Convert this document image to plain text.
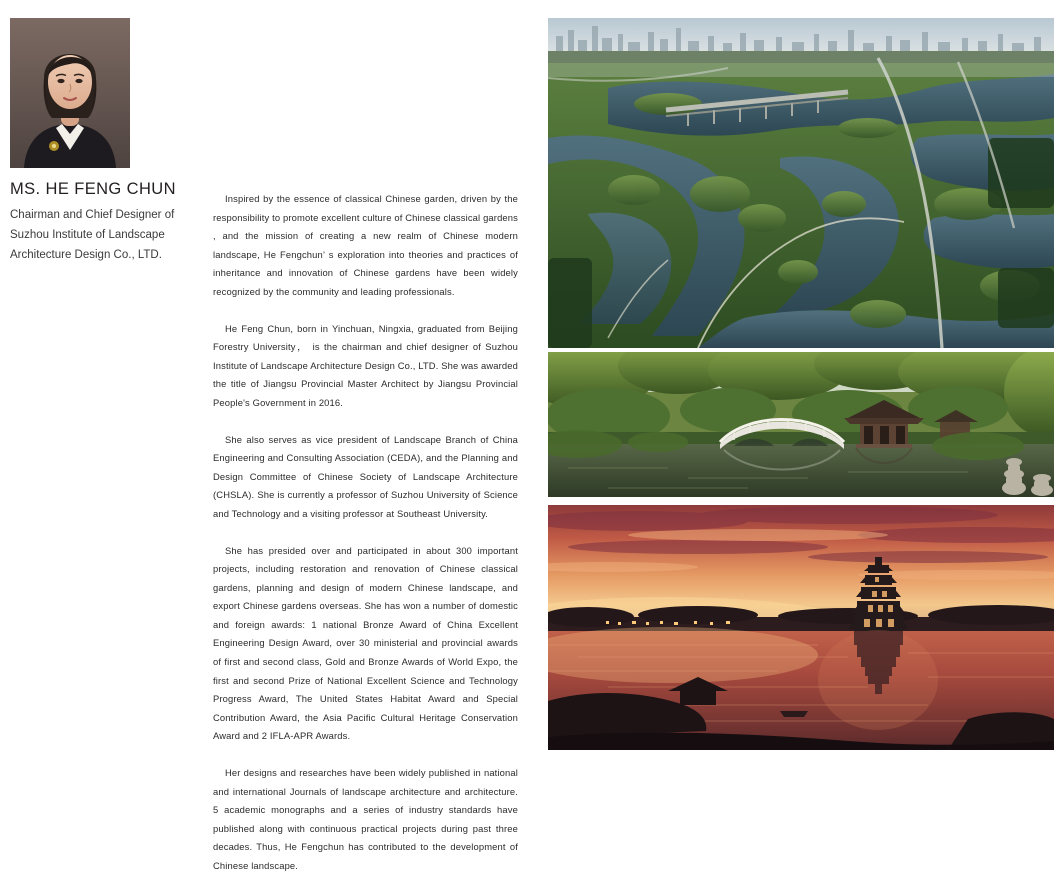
MS. HE FENG CHUN
Chairman and Chief Designer of
Suzhou Institute of Landscape
Architecture Design Co., LTD.

Inspired by the essence of classical Chinese garden, driven by the responsibility to promote excellent culture of Chinese classical gardens , and the mission of creating a new realm of Chinese modern landscape, He Fengchun’ s exploration into theories and practices of inheritance and innovation of Chinese gardens have been widely recognized by the community and leading professionals.

He Feng Chun, born in Yinchuan, Ningxia, graduated from Beijing Forestry University， is the chairman and chief designer of Suzhou Institute of Landscape Architecture Design Co., LTD. She was awarded the title of Jiangsu Provincial Master Architect by Jiangsu Provincial People's Government in 2016.

She also serves as vice president of Landscape Branch of China Engineering and Consulting Association (CEDA), and the Planning and Design Committee of Chinese Society of Landscape Architecture (CHSLA). She is currently a professor of Suzhou University of Science and Technology and a visiting professor at Southeast University.

She has presided over and participated in about 300 important projects, including restoration and renovation of Chinese classical gardens, planning and design of modern Chinese landscape, and export Chinese gardens overseas. She has won a number of domestic and foreign awards: 1 national Bronze Award of China Excellent Engineering Design Award, over 30 ministerial and provincial awards of first and second class, Gold and Bronze Awards of World Expo, the first and second Prize of National Excellent Science and Technology Progress Award, The United States Habitat Award and Special Contribution Award, the Asia Pacific Cultural Heritage Conservation Award and 2 IFLA-APR Awards.

Her designs and researches have been widely published in national and international Journals of landscape architecture and architecture. 5 academic monographs and a series of industry standards have published along with continuous practical projects during past three decades. Thus, He Fengchun has contributed to the development of Chinese landscape.
